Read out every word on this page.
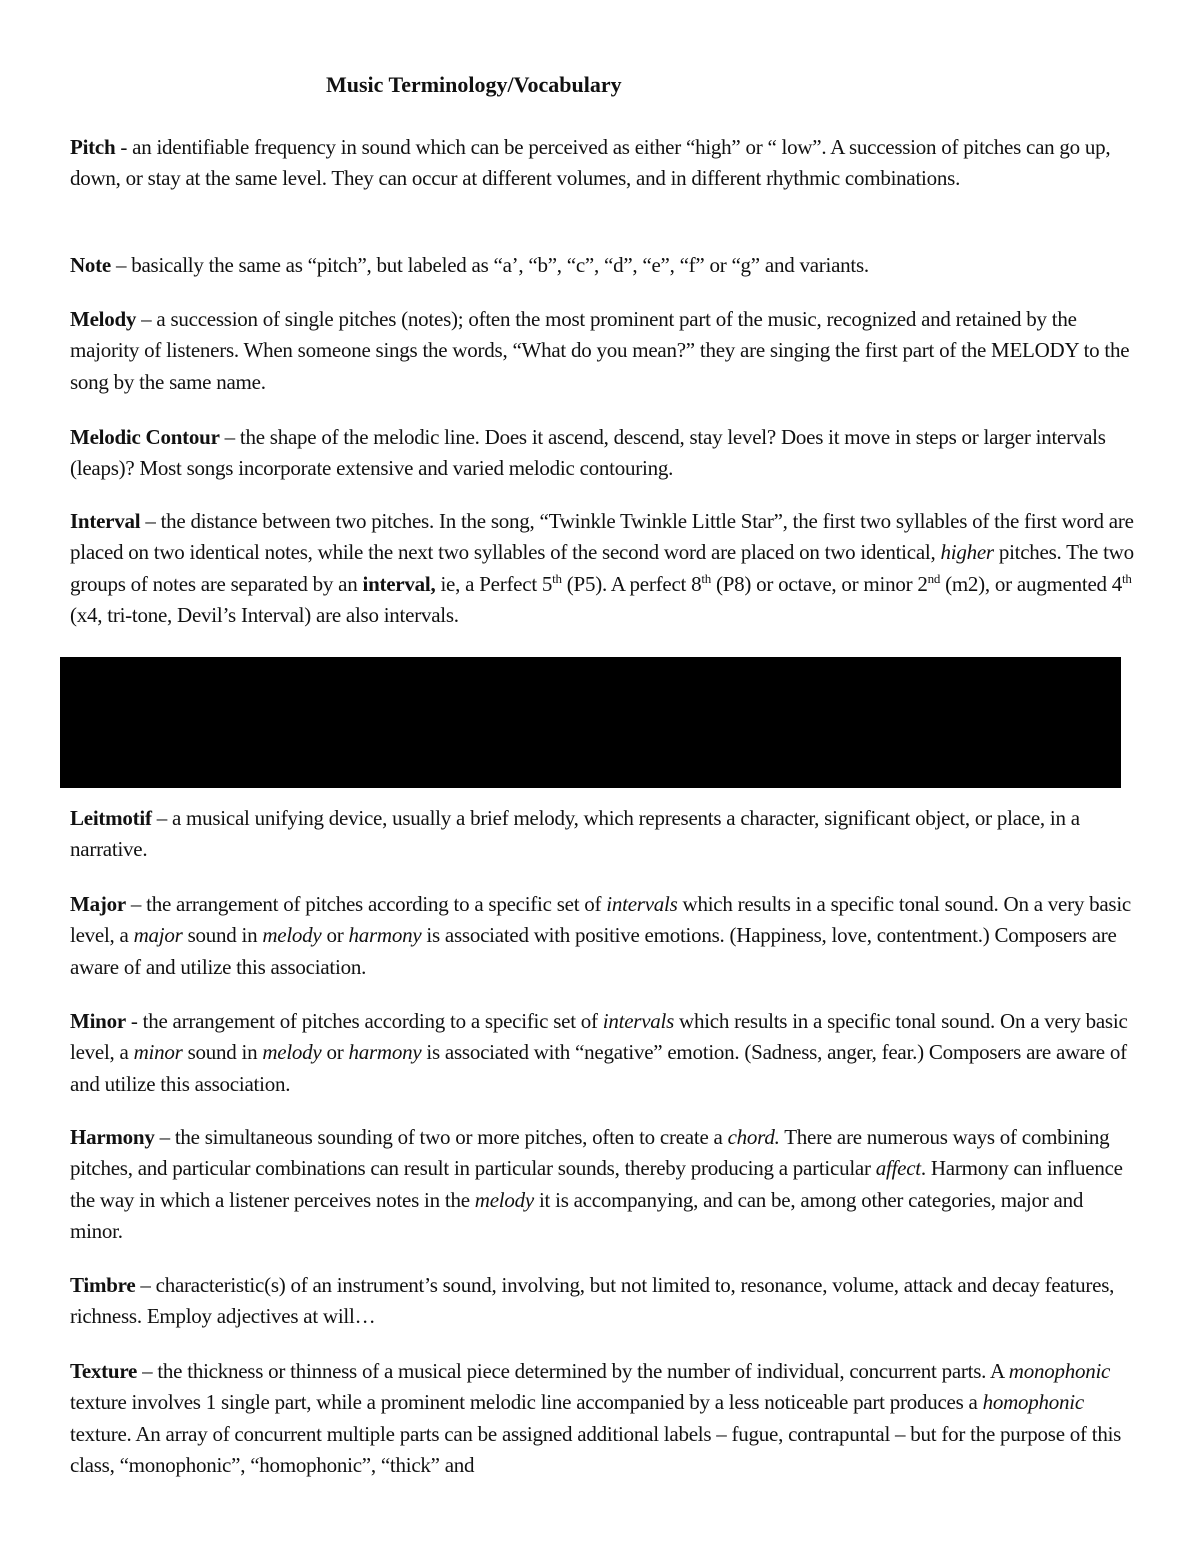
Music Terminology/Vocabulary

Pitch - an identifiable frequency in sound which can be perceived as either “high” or “ low”. A succession of pitches can go up, down, or stay at the same level. They can occur at different volumes, and in different rhythmic combinations.

Note – basically the same as “pitch”, but labeled as “a’, “b”, “c”, “d”, “e”, “f” or “g” and variants.

Melody – a succession of single pitches (notes); often the most prominent part of the music, recognized and retained by the majority of listeners. When someone sings the words, “What do you mean?” they are singing the first part of the MELODY to the song by the same name.

Melodic Contour – the shape of the melodic line. Does it ascend, descend, stay level? Does it move in steps or larger intervals (leaps)? Most songs incorporate extensive and varied melodic contouring.

Interval – the distance between two pitches. In the song, “Twinkle Twinkle Little Star”, the first two syllables of the first word are placed on two identical notes, while the next two syllables of the second word are placed on two identical, higher pitches. The two groups of notes are separated by an interval, ie, a Perfect 5th (P5). A perfect 8th (P8) or octave, or minor 2nd (m2), or augmented 4th (x4, tri-tone, Devil’s Interval) are also intervals.

Leitmotif – a musical unifying device, usually a brief melody, which represents a character, significant object, or place, in a narrative.

Major – the arrangement of pitches according to a specific set of intervals which results in a specific tonal sound. On a very basic level, a major sound in melody or harmony is associated with positive emotions. (Happiness, love, contentment.) Composers are aware of and utilize this association.

Minor - the arrangement of pitches according to a specific set of intervals which results in a specific tonal sound. On a very basic level, a minor sound in melody or harmony is associated with “negative” emotion. (Sadness, anger, fear.) Composers are aware of and utilize this association.

Harmony – the simultaneous sounding of two or more pitches, often to create a chord. There are numerous ways of combining pitches, and particular combinations can result in particular sounds, thereby producing a particular affect. Harmony can influence the way in which a listener perceives notes in the melody it is accompanying, and can be, among other categories, major and minor.

Timbre – characteristic(s) of an instrument’s sound, involving, but not limited to, resonance, volume, attack and decay features, richness. Employ adjectives at will…

Texture – the thickness or thinness of a musical piece determined by the number of individual, concurrent parts. A monophonic texture involves 1 single part, while a prominent melodic line accompanied by a less noticeable part produces a homophonic texture. An array of concurrent multiple parts can be assigned additional labels – fugue, contrapuntal – but for the purpose of this class, “monophonic”, “homophonic”, “thick” and
